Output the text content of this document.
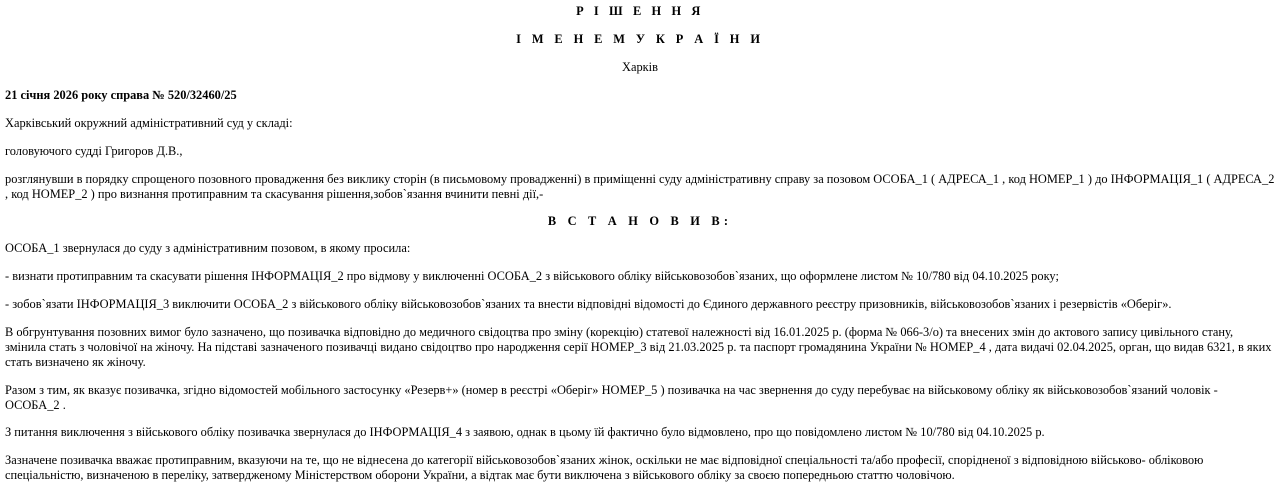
Р І Ш Е Н Н Я

І М Е Н Е М У К Р А Ї Н И

Харків

21 січня 2026 року справа № 520/32460/25

Харківський окружний адміністративний суд у складі:

головуючого судді Григоров Д.В.,

розглянувши в порядку спрощеного позовного провадження без виклику сторін (в письмовому провадженні) в приміщенні суду адміністративну справу за позовом ОСОБА_1 ( АДРЕСА_1 , код НОМЕР_1 ) до ІНФОРМАЦІЯ_1 ( АДРЕСА_2 , код НОМЕР_2 ) про визнання протиправним та скасування рішення,зобов`язання вчинити певні дії,-

В С Т А Н О В И В:

ОСОБА_1 звернулася до суду з адміністративним позовом, в якому просила:

- визнати протиправним та скасувати рішення ІНФОРМАЦІЯ_2 про відмову у виключенні ОСОБА_2 з військового обліку військовозобов`язаних, що оформлене листом № 10/780 від 04.10.2025 року;

- зобов`язати ІНФОРМАЦІЯ_3 виключити ОСОБА_2 з військового обліку військовозобов`язаних та внести відповідні відомості до Єдиного державного реєстру призовників, військовозобов`язаних і резервістів «Оберіг».

В обгрунтування позовних вимог було зазначено, що позивачка відповідно до медичного свідоцтва про зміну (корекцію) статевої належності від 16.01.2025 р. (форма № 066-3/о) та внесених змін до актового запису цивільного стану, змінила стать з чоловічої на жіночу. На підставі зазначеного позивачці видано свідоцтво про народження серії НОМЕР_3 від 21.03.2025 р. та паспорт громадянина України № НОМЕР_4 , дата видачі 02.04.2025, орган, що видав 6321, в яких стать визначено як жіночу.

Разом з тим, як вказує позивачка, згідно відомостей мобільного застосунку «Резерв+» (номер в реєстрі «Оберіг» НОМЕР_5 ) позивачка на час звернення до суду перебуває на військовому обліку як військовозобов`язаний чоловік - ОСОБА_2 .

З питання виключення з військового обліку позивачка звернулася до ІНФОРМАЦІЯ_4 з заявою, однак в цьому їй фактично було відмовлено, про що повідомлено листом № 10/780 від 04.10.2025 р.

Зазначене позивачка вважає протиправним, вказуючи на те, що не віднесена до категорії військовозобов`язаних жінок, оскільки не має відповідної спеціальності та/або професії, спорідненої з відповідною військово- обліковою спеціальністю, визначеною в переліку, затвердженому Міністерством оборони України, а відтак має бути виключена з військового обліку за своєю попередньою статтю чоловічою.
